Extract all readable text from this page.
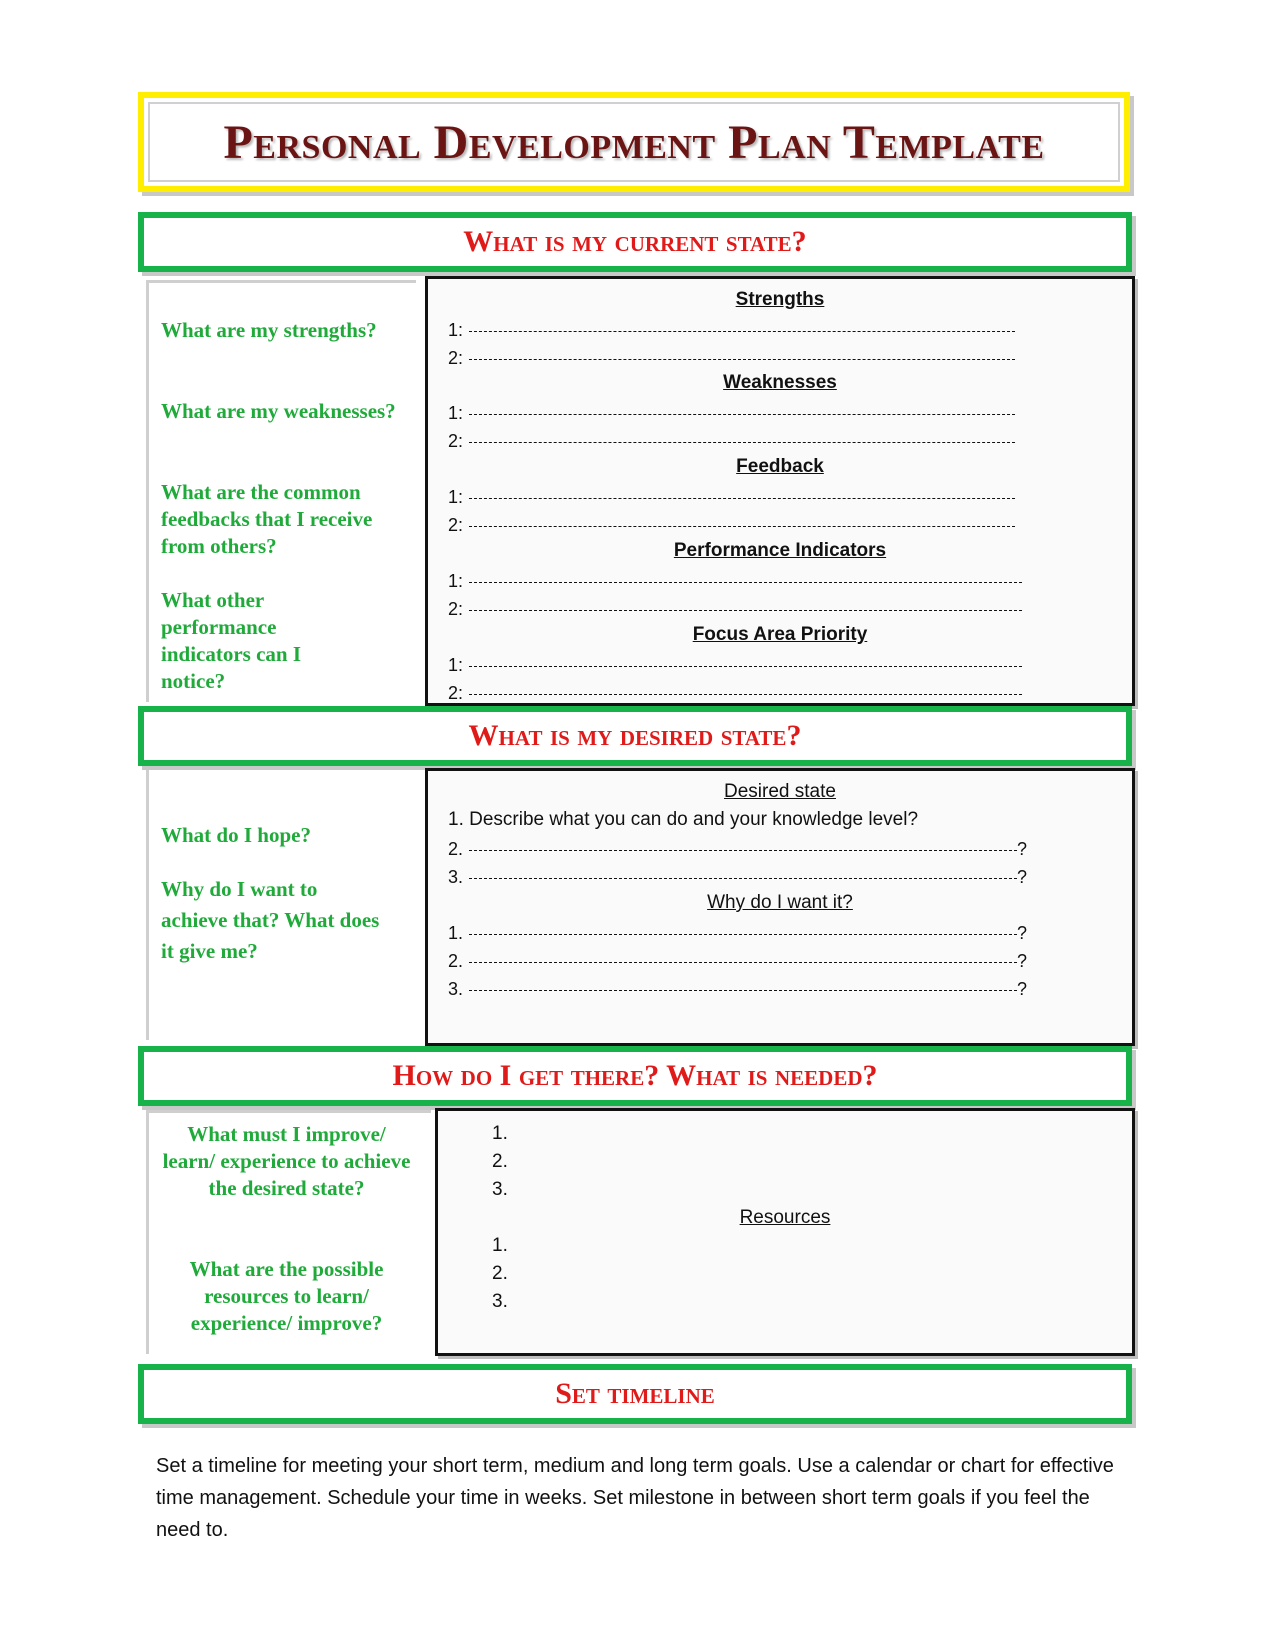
Personal Development Plan Template
What is my current state?
What are my strengths?
What are my weaknesses?
What are the common feedbacks that I receive from others?
What other performance indicators can I notice?
Strengths
1:
2:
Weaknesses
1:
2:
Feedback
1:
2:
Performance Indicators
1:
2:
Focus Area Priority
1:
2:
What is my desired state?
What do I hope?
Why do I want to achieve that? What does it give me?
Desired state
1. Describe what you can do and your knowledge level?
2.	?
3.	?
Why do I want it?
1.	?
2.	?
3.	?
How do I get there? What is needed?
What must I improve/ learn/ experience to achieve the desired state?
What are the possible resources to learn/ experience/ improve?
1.
2.
3.
Resources
1.
2.
3.
Set timeline
Set a timeline for meeting your short term, medium and long term goals. Use a calendar or chart for effective time management. Schedule your time in weeks. Set milestone in between short term goals if you feel the need to.
